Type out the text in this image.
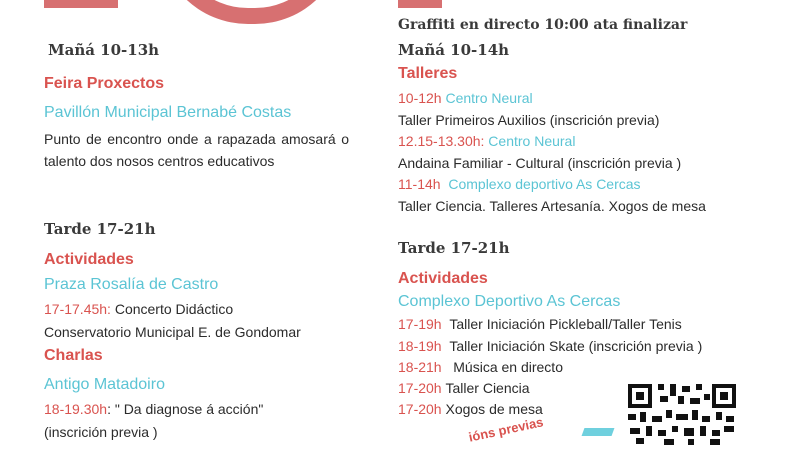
Mañá 10-13h
Feira Proxectos
Pavillón Municipal Bernabé Costas
Punto de encontro onde a rapazada amosará o talento dos nosos centros educativos
Tarde 17-21h
Actividades
Praza Rosalía de Castro
17-17.45h: Concerto Didáctico
Conservatorio Municipal E. de Gondomar
Charlas
Antigo Matadoiro
18-19.30h: " Da diagnose á acción"
(inscrición previa )
Graffiti en directo 10:00 ata finalizar
Mañá 10-14h
Talleres
10-12h Centro Neural
Taller Primeiros Auxilios (inscrición previa)
12.15-13.30h: Centro Neural
Andaina Familiar - Cultural (inscrición previa )
11-14h Complexo deportivo As Cercas
Taller Ciencia. Talleres Artesanía. Xogos de mesa
Tarde 17-21h
Actividades
Complexo Deportivo As Cercas
17-19h Taller Iniciación Pickleball/Taller Tenis
18-19h Taller Iniciación Skate (inscrición previa )
18-21h Música en directo
17-20h Taller Ciencia
17-20h Xogos de mesa
ións previas
